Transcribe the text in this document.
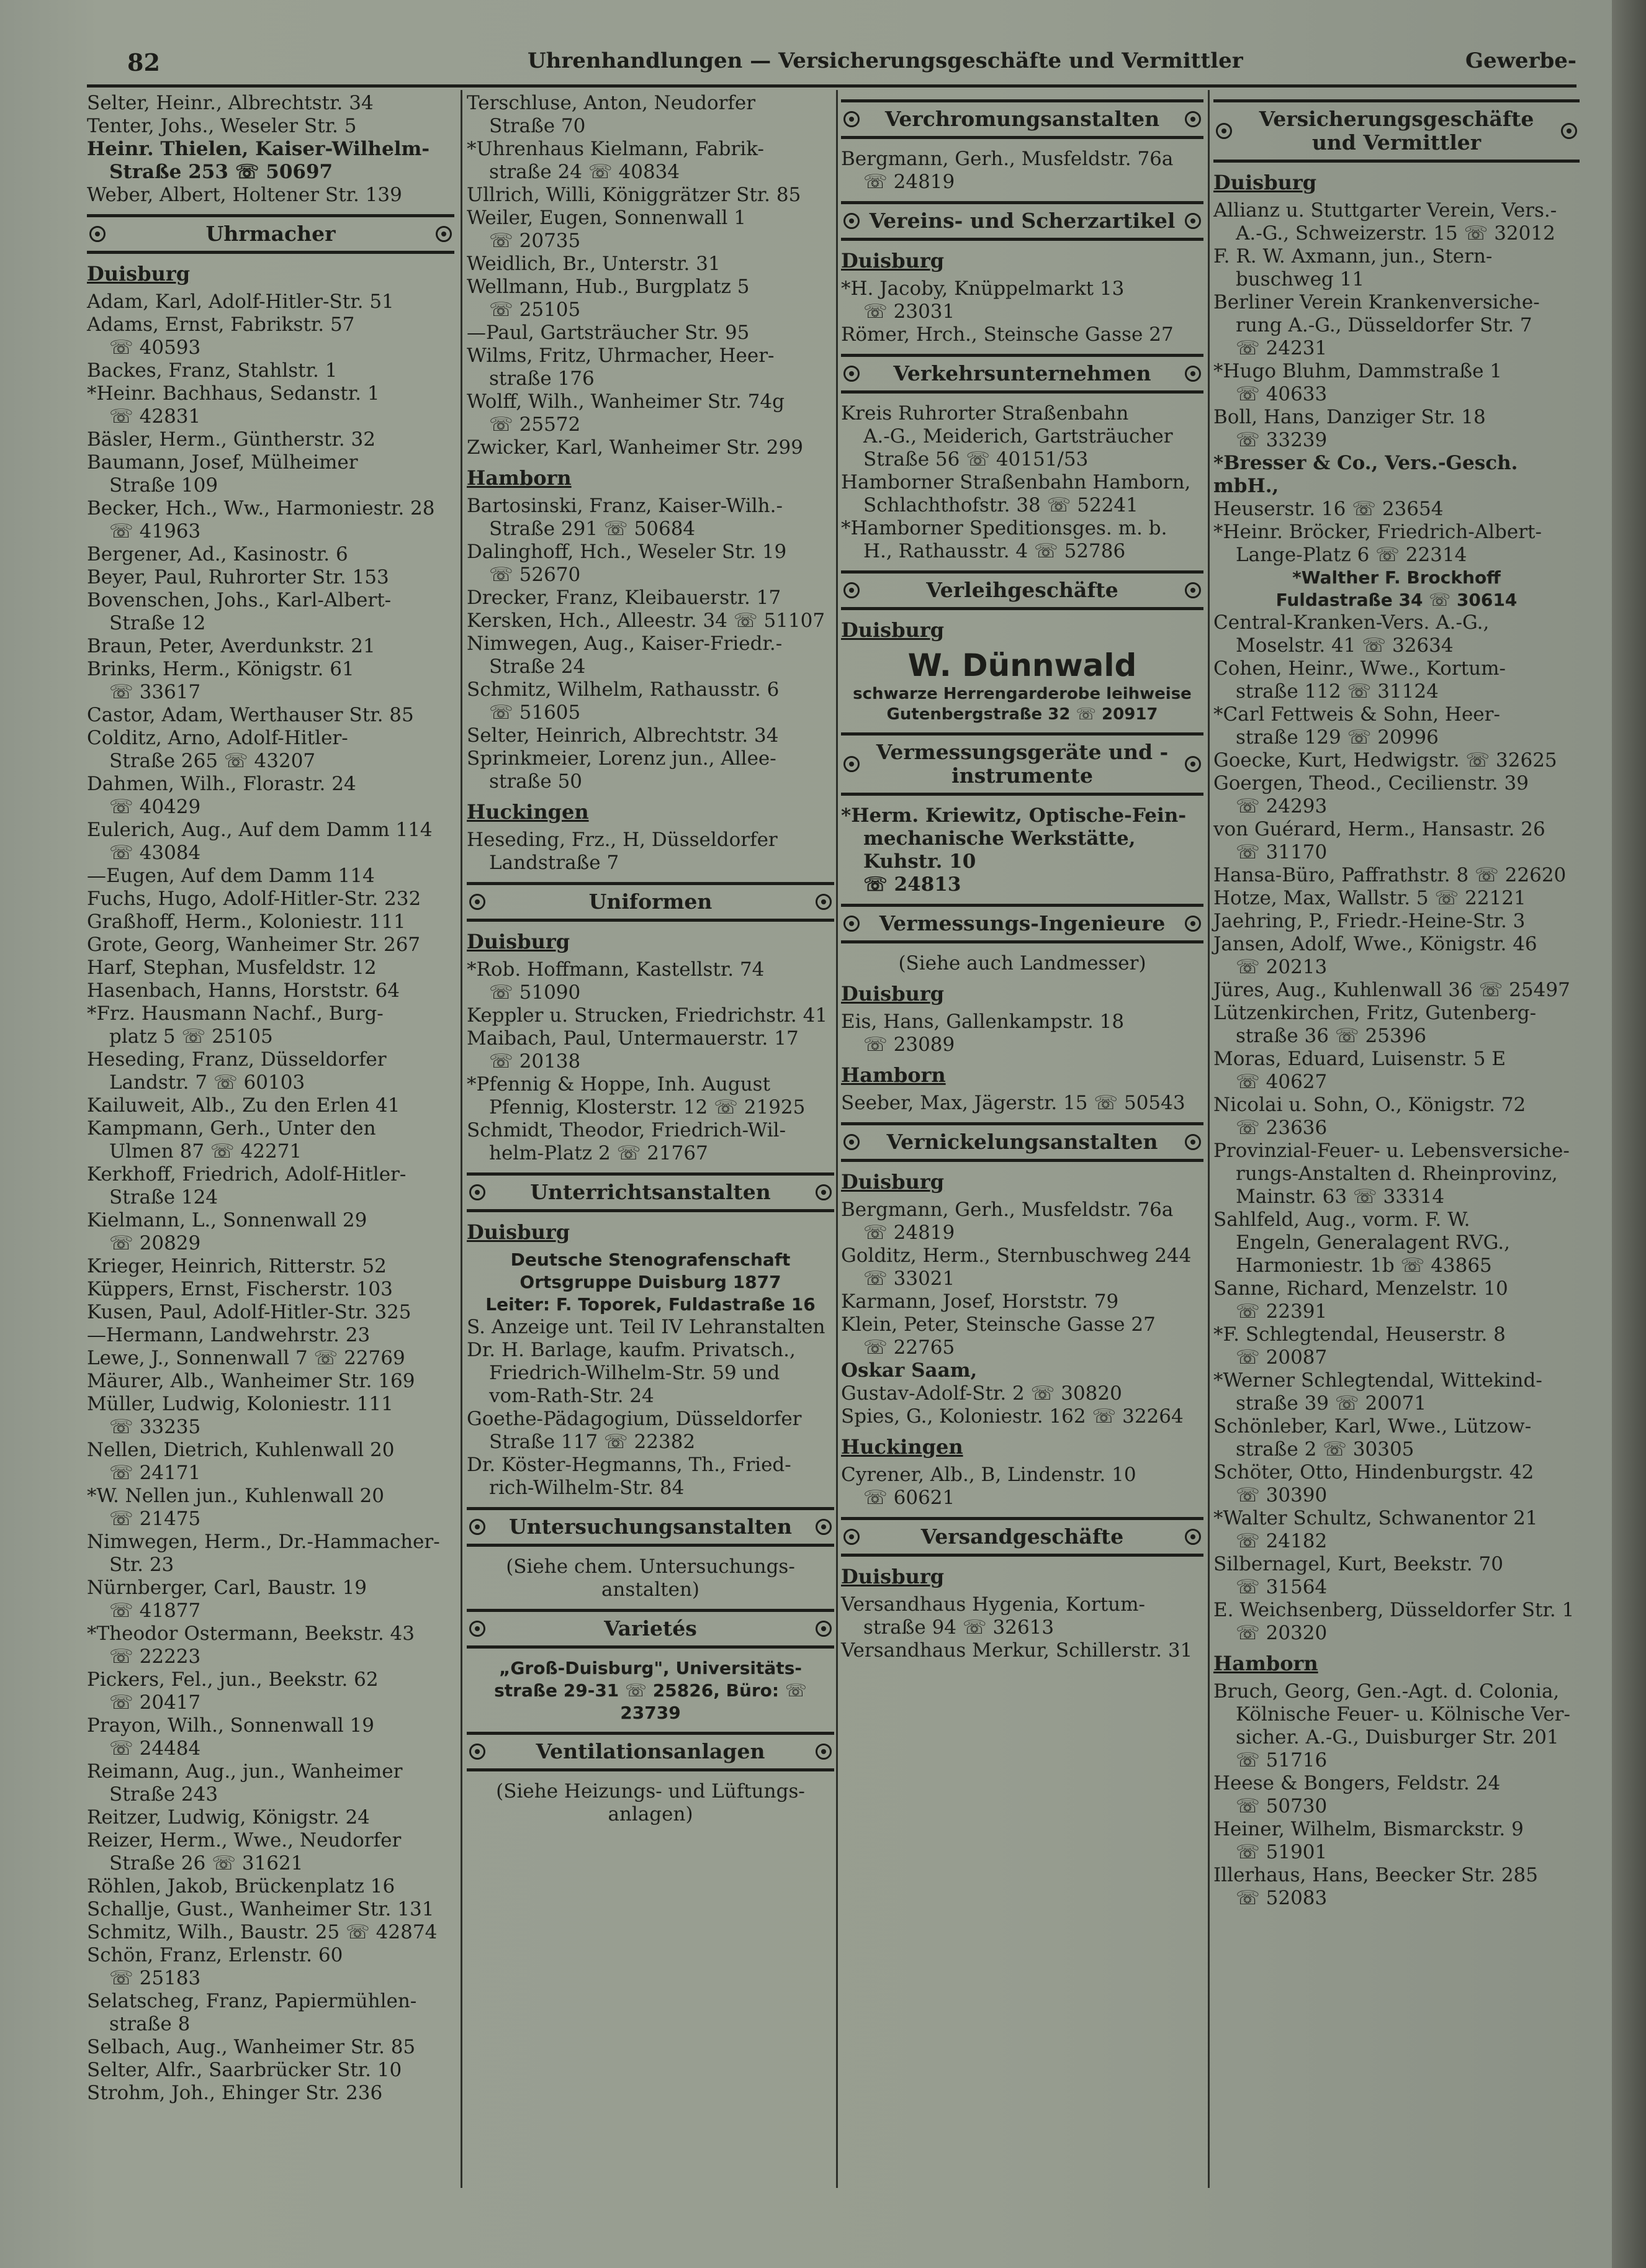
82	Uhrenhandlungen — Versicherungsgeschäfte und Vermittler	Gewerbe-
Selter, Heinr., Albrechtstr. 34
Tenter, Johs., Weseler Str. 5
Heinr. Thielen, Kaiser-Wilhelm-
Straße 253 ☏ 50697
Weber, Albert, Holtener Str. 139
Uhrmacher
Duisburg
Adam, Karl, Adolf-Hitler-Str. 51
Adams, Ernst, Fabrikstr. 57
☏ 40593
Backes, Franz, Stahlstr. 1
*Heinr. Bachhaus, Sedanstr. 1
☏ 42831
Bäsler, Herm., Güntherstr. 32
Baumann, Josef, Mülheimer
Straße 109
Becker, Hch., Ww., Harmoniestr. 28
☏ 41963
Bergener, Ad., Kasinostr. 6
Beyer, Paul, Ruhrorter Str. 153
Bovenschen, Johs., Karl-Albert-
Straße 12
Braun, Peter, Averdunkstr. 21
Brinks, Herm., Königstr. 61
☏ 33617
Castor, Adam, Werthauser Str. 85
Colditz, Arno, Adolf-Hitler-
Straße 265 ☏ 43207
Dahmen, Wilh., Florastr. 24
☏ 40429
Eulerich, Aug., Auf dem Damm 114
☏ 43084
—Eugen, Auf dem Damm 114
Fuchs, Hugo, Adolf-Hitler-Str. 232
Graßhoff, Herm., Koloniestr. 111
Grote, Georg, Wanheimer Str. 267
Harf, Stephan, Musfeldstr. 12
Hasenbach, Hanns, Horststr. 64
*Frz. Hausmann Nachf., Burg-
platz 5 ☏ 25105
Heseding, Franz, Düsseldorfer
Landstr. 7 ☏ 60103
Kailuweit, Alb., Zu den Erlen 41
Kampmann, Gerh., Unter den
Ulmen 87 ☏ 42271
Kerkhoff, Friedrich, Adolf-Hitler-
Straße 124
Kielmann, L., Sonnenwall 29
☏ 20829
Krieger, Heinrich, Ritterstr. 52
Küppers, Ernst, Fischerstr. 103
Kusen, Paul, Adolf-Hitler-Str. 325
—Hermann, Landwehrstr. 23
Lewe, J., Sonnenwall 7 ☏ 22769
Mäurer, Alb., Wanheimer Str. 169
Müller, Ludwig, Koloniestr. 111
☏ 33235
Nellen, Dietrich, Kuhlenwall 20
☏ 24171
*W. Nellen jun., Kuhlenwall 20
☏ 21475
Nimwegen, Herm., Dr.-Hammacher-
Str. 23
Nürnberger, Carl, Baustr. 19
☏ 41877
*Theodor Ostermann, Beekstr. 43
☏ 22223
Pickers, Fel., jun., Beekstr. 62
☏ 20417
Prayon, Wilh., Sonnenwall 19
☏ 24484
Reimann, Aug., jun., Wanheimer
Straße 243
Reitzer, Ludwig, Königstr. 24
Reizer, Herm., Wwe., Neudorfer
Straße 26 ☏ 31621
Röhlen, Jakob, Brückenplatz 16
Schallje, Gust., Wanheimer Str. 131
Schmitz, Wilh., Baustr. 25 ☏ 42874
Schön, Franz, Erlenstr. 60
☏ 25183
Selatscheg, Franz, Papiermühlen-
straße 8
Selbach, Aug., Wanheimer Str. 85
Selter, Alfr., Saarbrücker Str. 10
Strohm, Joh., Ehinger Str. 236
Terschluse, Anton, Neudorfer
Straße 70
*Uhrenhaus Kielmann, Fabrik-
straße 24 ☏ 40834
Ullrich, Willi, Königgrätzer Str. 85
Weiler, Eugen, Sonnenwall 1
☏ 20735
Weidlich, Br., Unterstr. 31
Wellmann, Hub., Burgplatz 5
☏ 25105
—Paul, Gartsträucher Str. 95
Wilms, Fritz, Uhrmacher, Heer-
straße 176
Wolff, Wilh., Wanheimer Str. 74g
☏ 25572
Zwicker, Karl, Wanheimer Str. 299
Hamborn
Bartosinski, Franz, Kaiser-Wilh.-
Straße 291 ☏ 50684
Dalinghoff, Hch., Weseler Str. 19
☏ 52670
Drecker, Franz, Kleibauerstr. 17
Kersken, Hch., Alleestr. 34 ☏ 51107
Nimwegen, Aug., Kaiser-Friedr.-
Straße 24
Schmitz, Wilhelm, Rathausstr. 6
☏ 51605
Selter, Heinrich, Albrechtstr. 34
Sprinkmeier, Lorenz jun., Allee-
straße 50
Huckingen
Heseding, Frz., H, Düsseldorfer
Landstraße 7
Uniformen
Duisburg
*Rob. Hoffmann, Kastellstr. 74
☏ 51090
Keppler u. Strucken, Friedrichstr. 41
Maibach, Paul, Untermauerstr. 17
☏ 20138
*Pfennig & Hoppe, Inh. August
Pfennig, Klosterstr. 12 ☏ 21925
Schmidt, Theodor, Friedrich-Wil-
helm-Platz 2 ☏ 21767
Unterrichtsanstalten
Duisburg
Deutsche Stenografenschaft
Ortsgruppe Duisburg 1877
Leiter: F. Toporek, Fuldastraße 16
S. Anzeige unt. Teil IV Lehranstalten
Dr. H. Barlage, kaufm. Privatsch.,
Friedrich-Wilhelm-Str. 59 und
vom-Rath-Str. 24
Goethe-Pädagogium, Düsseldorfer
Straße 117 ☏ 22382
Dr. Köster-Hegmanns, Th., Fried-
rich-Wilhelm-Str. 84
Untersuchungsanstalten
(Siehe chem. Untersuchungs-
anstalten)
Varietés
„Groß-Duisburg", Universitäts-
straße 29-31 ☏ 25826, Büro: ☏ 23739
Ventilationsanlagen
(Siehe Heizungs- und Lüftungs-
anlagen)
Verchromungsanstalten
Bergmann, Gerh., Musfeldstr. 76a
☏ 24819
Vereins- und Scherzartikel
Duisburg
*H. Jacoby, Knüppelmarkt 13
☏ 23031
Römer, Hrch., Steinsche Gasse 27
Verkehrsunternehmen
Kreis Ruhrorter Straßenbahn
A.-G., Meiderich, Gartsträucher
Straße 56 ☏ 40151/53
Hamborner Straßenbahn Hamborn,
Schlachthofstr. 38 ☏ 52241
*Hamborner Speditionsges. m. b.
H., Rathausstr. 4 ☏ 52786
Verleihgeschäfte
Duisburg
W. Dünnwald
schwarze Herrengarderobe leihweise
Gutenbergstraße 32 ☏ 20917
Vermessungsgeräte und -instrumente
*Herm. Kriewitz, Optische-Fein-
mechanische Werkstätte, Kuhstr. 10
☏ 24813
Vermessungs-Ingenieure
(Siehe auch Landmesser)
Duisburg
Eis, Hans, Gallenkampstr. 18
☏ 23089
Hamborn
Seeber, Max, Jägerstr. 15 ☏ 50543
Vernickelungsanstalten
Duisburg
Bergmann, Gerh., Musfeldstr. 76a
☏ 24819
Golditz, Herm., Sternbuschweg 244
☏ 33021
Karmann, Josef, Horststr. 79
Klein, Peter, Steinsche Gasse 27
☏ 22765
Oskar Saam,
Gustav-Adolf-Str. 2 ☏ 30820
Spies, G., Koloniestr. 162 ☏ 32264
Huckingen
Cyrener, Alb., B, Lindenstr. 10
☏ 60621
Versandgeschäfte
Duisburg
Versandhaus Hygenia, Kortum-
straße 94 ☏ 32613
Versandhaus Merkur, Schillerstr. 31
Versicherungsgeschäfte und Vermittler
Duisburg
Allianz u. Stuttgarter Verein, Vers.-
A.-G., Schweizerstr. 15 ☏ 32012
F. R. W. Axmann, jun., Stern-
buschweg 11
Berliner Verein Krankenversiche-
rung A.-G., Düsseldorfer Str. 7
☏ 24231
*Hugo Bluhm, Dammstraße 1
☏ 40633
Boll, Hans, Danziger Str. 18
☏ 33239
*Bresser & Co., Vers.-Gesch. mbH.,
Heuserstr. 16 ☏ 23654
*Heinr. Bröcker, Friedrich-Albert-
Lange-Platz 6 ☏ 22314
*Walther F. Brockhoff
Fuldastraße 34 ☏ 30614
Central-Kranken-Vers. A.-G.,
Moselstr. 41 ☏ 32634
Cohen, Heinr., Wwe., Kortum-
straße 112 ☏ 31124
*Carl Fettweis & Sohn, Heer-
straße 129 ☏ 20996
Goecke, Kurt, Hedwigstr. ☏ 32625
Goergen, Theod., Cecilienstr. 39
☏ 24293
von Guérard, Herm., Hansastr. 26
☏ 31170
Hansa-Büro, Paffrathstr. 8 ☏ 22620
Hotze, Max, Wallstr. 5 ☏ 22121
Jaehring, P., Friedr.-Heine-Str. 3
Jansen, Adolf, Wwe., Königstr. 46
☏ 20213
Jüres, Aug., Kuhlenwall 36 ☏ 25497
Lützenkirchen, Fritz, Gutenberg-
straße 36 ☏ 25396
Moras, Eduard, Luisenstr. 5 E
☏ 40627
Nicolai u. Sohn, O., Königstr. 72
☏ 23636
Provinzial-Feuer- u. Lebensversiche-
rungs-Anstalten d. Rheinprovinz,
Mainstr. 63 ☏ 33314
Sahlfeld, Aug., vorm. F. W.
Engeln, Generalagent RVG.,
Harmoniestr. 1b ☏ 43865
Sanne, Richard, Menzelstr. 10
☏ 22391
*F. Schlegtendal, Heuserstr. 8
☏ 20087
*Werner Schlegtendal, Wittekind-
straße 39 ☏ 20071
Schönleber, Karl, Wwe., Lützow-
straße 2 ☏ 30305
Schöter, Otto, Hindenburgstr. 42
☏ 30390
*Walter Schultz, Schwanentor 21
☏ 24182
Silbernagel, Kurt, Beekstr. 70
☏ 31564
E. Weichsenberg, Düsseldorfer Str. 1
☏ 20320
Hamborn
Bruch, Georg, Gen.-Agt. d. Colonia,
Kölnische Feuer- u. Kölnische Ver-
sicher. A.-G., Duisburger Str. 201
☏ 51716
Heese & Bongers, Feldstr. 24
☏ 50730
Heiner, Wilhelm, Bismarckstr. 9
☏ 51901
Illerhaus, Hans, Beecker Str. 285
☏ 52083
